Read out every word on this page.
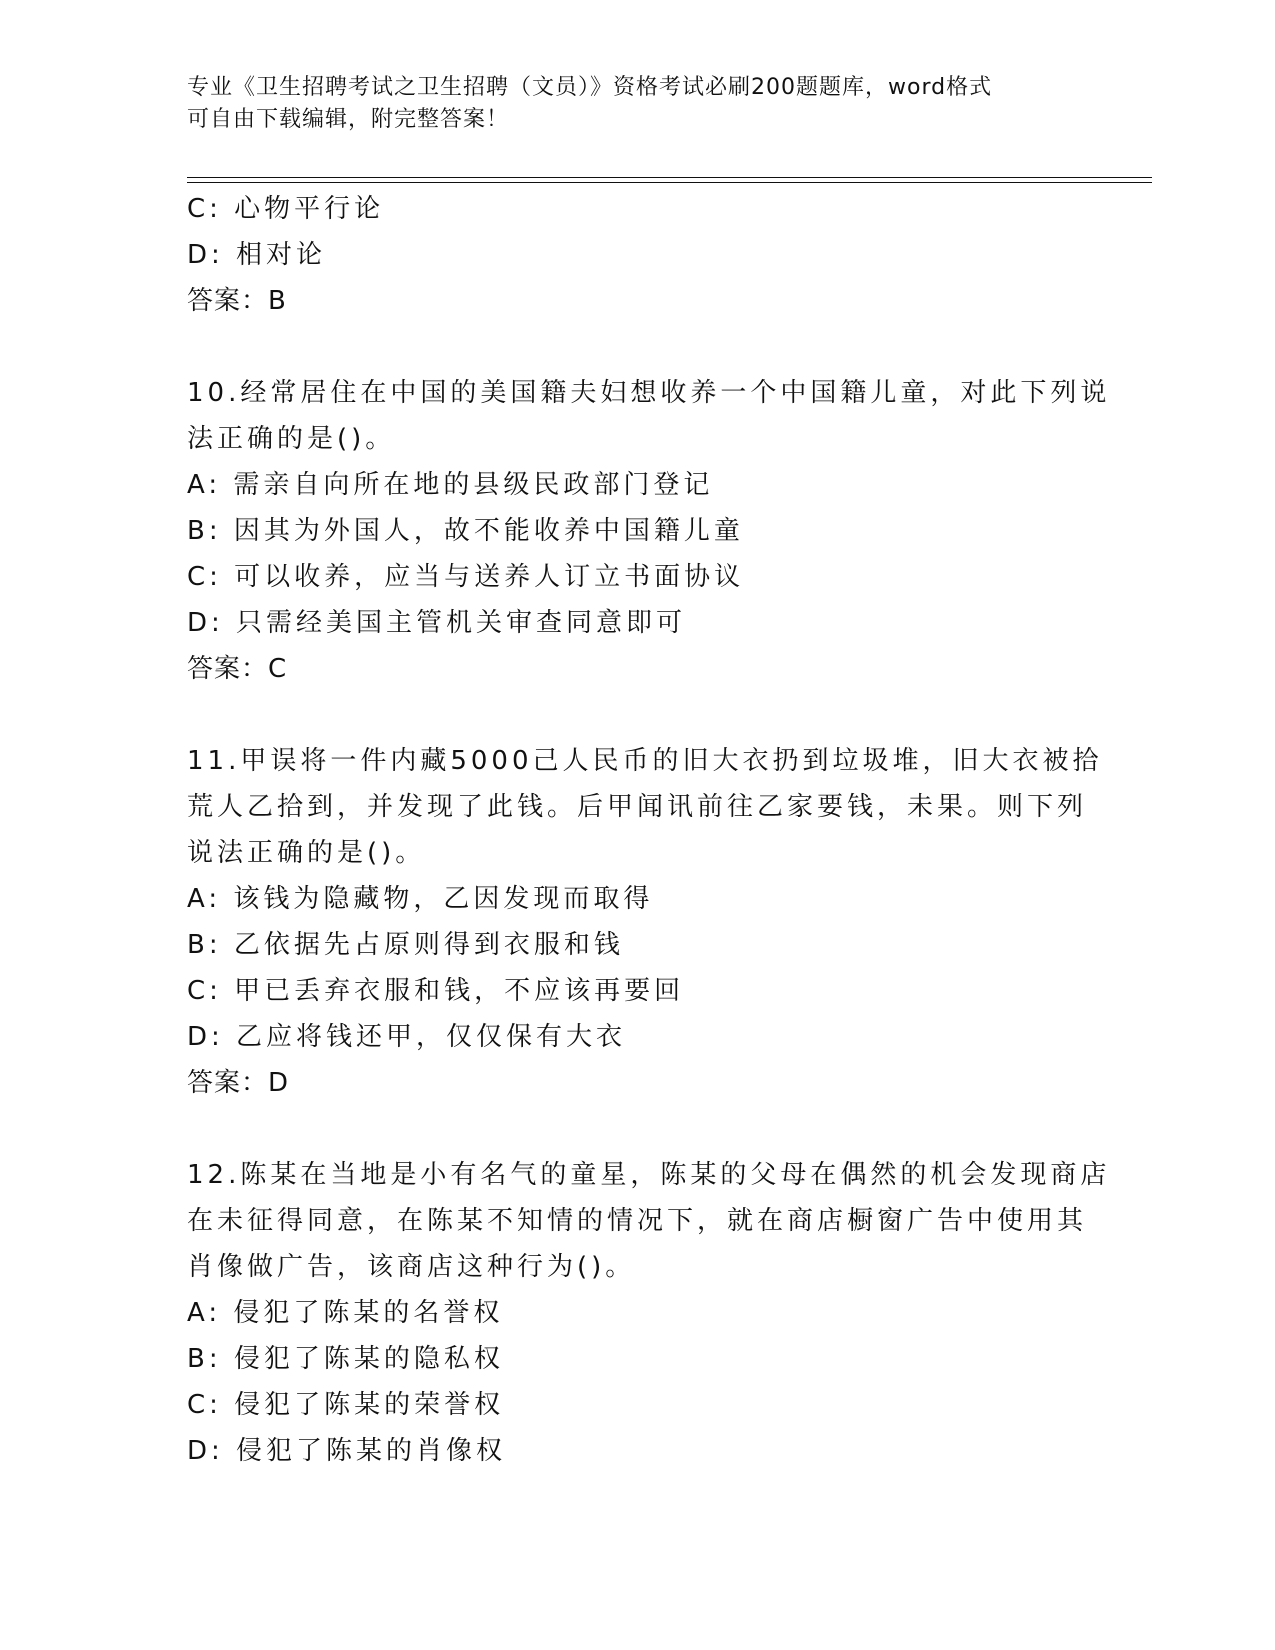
专业《卫生招聘考试之卫生招聘（文员）》资格考试必刷200题题库，word格式
可自由下载编辑，附完整答案！
C: 心物平行论
D: 相对论
答案：B
10.经常居住在中国的美国籍夫妇想收养一个中国籍儿童，对此下列说
法正确的是()。
A: 需亲自向所在地的县级民政部门登记
B: 因其为外国人，故不能收养中国籍儿童
C: 可以收养，应当与送养人订立书面协议
D: 只需经美国主管机关审查同意即可
答案：C
11.甲误将一件内藏5000己人民币的旧大衣扔到垃圾堆，旧大衣被拾
荒人乙拾到，并发现了此钱。后甲闻讯前往乙家要钱，未果。则下列
说法正确的是()。
A: 该钱为隐藏物，乙因发现而取得
B: 乙依据先占原则得到衣服和钱
C: 甲已丢弃衣服和钱，不应该再要回
D: 乙应将钱还甲，仅仅保有大衣
答案：D
12.陈某在当地是小有名气的童星，陈某的父母在偶然的机会发现商店
在未征得同意，在陈某不知情的情况下，就在商店橱窗广告中使用其
肖像做广告，该商店这种行为()。
A: 侵犯了陈某的名誉权
B: 侵犯了陈某的隐私权
C: 侵犯了陈某的荣誉权
D: 侵犯了陈某的肖像权
